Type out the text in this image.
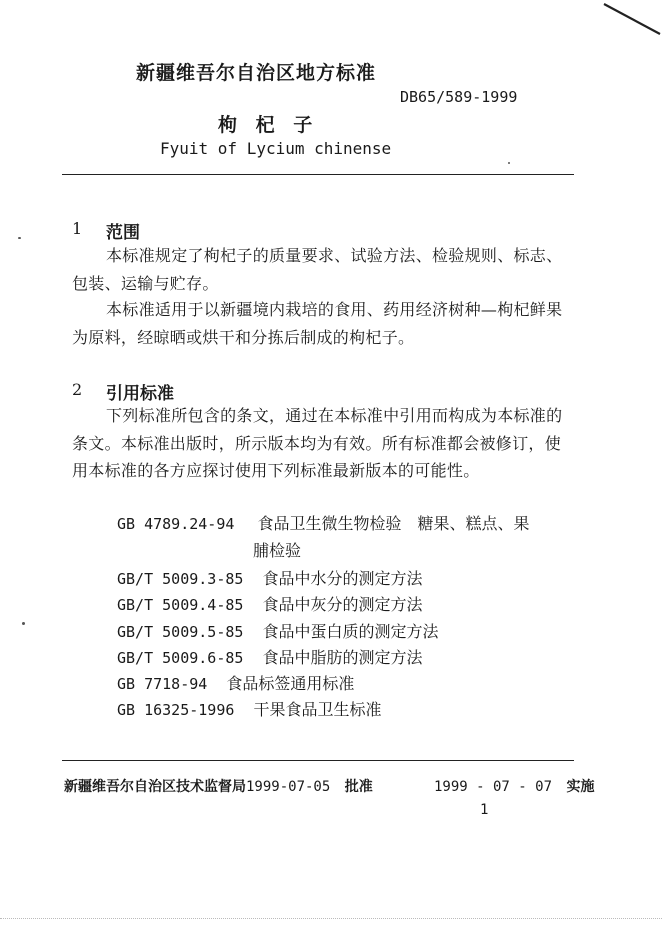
新疆维吾尔自治区地方标准
DB65/589-1999
枸 杞 子
Fyuit of Lycium chinense
1 范围
本标准规定了枸杞子的质量要求、试验方法、检验规则、标志、包装、运输与贮存。
本标准适用于以新疆境内栽培的食用、药用经济树种—枸杞鲜果为原料，经晾晒或烘干和分拣后制成的枸杞子。
2 引用标准
下列标准所包含的条文，通过在本标准中引用而构成为本标准的条文。本标准出版时，所示版本均为有效。所有标准都会被修订，使用本标准的各方应探讨使用下列标准最新版本的可能性。
GB 4789.24-94 食品卫生微生物检验　糖果、糕点、果
脯检验
GB/T 5009.3-85 食品中水分的测定方法
GB/T 5009.4-85 食品中灰分的测定方法
GB/T 5009.5-85 食品中蛋白质的测定方法
GB/T 5009.6-85 食品中脂肪的测定方法
GB 7718-94 食品标签通用标准
GB 16325-1996 干果食品卫生标准
新疆维吾尔自治区技术监督局1999-07-05 批准	1999 - 07 - 07 实施
1
